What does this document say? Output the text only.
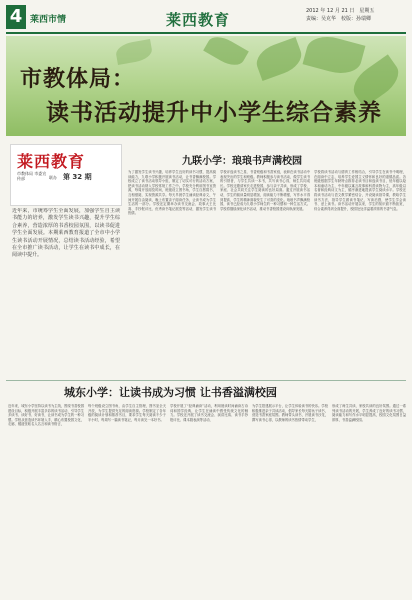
4 莱西市情	莱西教育	2012 年 12 月 21 日　星期五
责编：吴克华　校版：孙瑞卿
市教体局：
读书活动提升中小学生综合素养
莱西教育
市教体局 市委宣传部	联办 第 32 期
近年来，市统筹学生全面发展，加强学生自主读书能力的培养，激发学生读书兴趣，提升学生综合素养，营造浓厚的书香校园氛围，以读书促进学生全面发展。本期莱西教育报道了全市中小学生读书活动开展情况，总结读书活动经验，希望在全市推广读书活动，让学生在读书中成长，在阅读中提升。
九联小学：琅琅书声满校园
为了激发学生读书兴趣，培养学生良好的读书习惯，提高阅读能力，九联小学积极开展读书活动，让书香飘满校园。学校成立了读书活动领导小组，制定了切实可行的活动方案，把读书活动纳入学校常规工作之中。学校充分利用图书室资源，每周开放阅览时间，班级设立图书角，学生自愿捐书，互相借阅，实现资源共享。每天早晨学生诵读经典诗文，午间开展自由阅读，晚上布置亲子阅读任务，让读书成为学生生活的一部分。学校还定期举办读书交流会、故事大王比赛、手抄报评比、优秀读书笔记展览等活动，激发学生读书热情。
学校评选读书之星、书香班级和书香家庭，表彰在读书活动中表现突出的学生和班级。教师积极参与读书活动，做学生读书的引领者，与学生共读一本书，共写读书心得，师生共同成长。学校还邀请家长走进校园，参与亲子共读，形成了学校、家庭、社会共同关注学生阅读的良好局面。通过开展读书活动，学生的阅读量明显增加，阅读能力不断增强，写作水平得到提高，学生的精神面貌发生了可喜的变化。琅琅书声飘满校园，读书已经成为九联小学师生的一种习惯和一种生活方式。学校将继续深化读书活动，推动书香校园建设向纵深发展。
学校将读书活动与德育工作相结合，引导学生在读书中明理，在阅读中立志，培养学生爱国主义情怀和良好的道德品质。各班级根据学生年龄特点推荐必读书目和选读书目，低年级以绘本和童话为主，中年级以寓言故事和科普读物为主，高年级以名著和经典诗文为主，循序渐进地提高学生阅读水平。学校还将读书活动与语文教学紧密结合，开设阅读指导课，教给学生读书方法，指导学生做读书笔记，写读后感，使学生学会读书、爱上读书。读书活动开展以来，学生的知识面不断拓宽，综合素养得到全面提升，校园处处洋溢着浓浓的书香气息。
城东小学：让读书成为习惯 让书香溢满校园
近年来，城东小学坚持以读书为主线，围绕书香校园建设目标，积极开展丰富多彩的读书活动，引导学生多读书、读好书、好读书，让读书成为学生的一种习惯。学校从营造读书环境入手，精心布置校园文化，走廊、楼道张贴名人名言和读书格言，
每个班级设立图书角，由学生自主管理，图书室全天开放，为学生提供充足的阅读资源。学校制定了各年级的阅读计划和推荐书目，要求学生每天阅读不少于半小时，每周写一篇读书笔记，每月读完一本好书。
学校开展了“经典诵读”活动，利用晨读时间诵读古诗词和国学经典，让学生在诵读中感受传统文化的魅力。学校还开展了读书交流会、演讲比赛、读书手抄报评比、课本剧表演等活动，
为学生搭建展示平台，让学生体验读书的快乐。学校积极推进亲子共读活动，倡导家长每天陪孩子读书，营造书香家庭氛围。教师带头读书，开展读书沙龙，撰写读书心得，以教师的读书热情带动学生，
形成了师生共读、家校共读的良好氛围。通过一系列读书活动的开展，学生养成了良好的读书习惯，阅读能力和写作水平明显提高，校园文化氛围日益浓厚，书香溢满校园。
